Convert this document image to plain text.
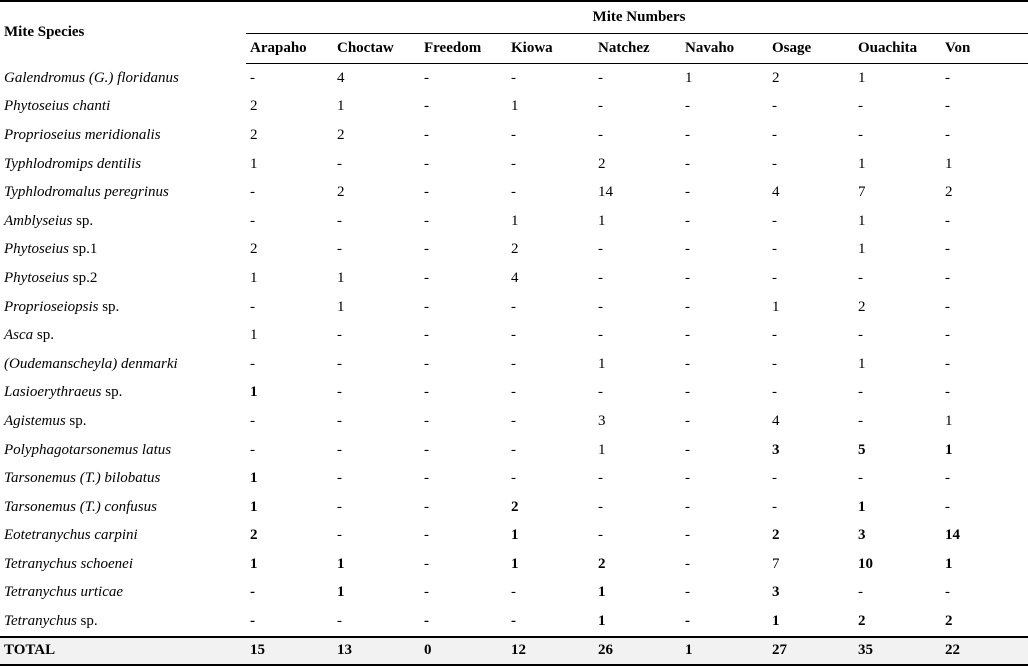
Mite Species	Mite Numbers								
	Arapaho	Choctaw	Freedom	Kiowa	Natchez	Navaho	Osage	Ouachita	Von
Galendromus (G.) floridanus	-	4	-	-	-	1	2	1	-
Phytoseius chanti	2	1	-	1	-	-	-	-	-
Proprioseius meridionalis	2	2	-	-	-	-	-	-	-
Typhlodromips dentilis	1	-	-	-	2	-	-	1	1
Typhlodromalus peregrinus	-	2	-	-	14	-	4	7	2
Amblyseius sp.	-	-	-	1	1	-	-	1	-
Phytoseius sp.1	2	-	-	2	-	-	-	1	-
Phytoseius sp.2	1	1	-	4	-	-	-	-	-
Proprioseiopsis sp.	-	1	-	-	-	-	1	2	-
Asca sp.	1	-	-	-	-	-	-	-	-
(Oudemanscheyla) denmarki	-	-	-	-	1	-	-	1	-
Lasioerythraeus sp.	1	-	-	-	-	-	-	-	-
Agistemus sp.	-	-	-	-	3	-	4	-	1
Polyphagotarsonemus latus	-	-	-	-	1	-	3	5	1
Tarsonemus (T.) bilobatus	1	-	-	-	-	-	-	-	-
Tarsonemus (T.) confusus	1	-	-	2	-	-	-	1	-
Eotetranychus carpini	2	-	-	1	-	-	2	3	14
Tetranychus schoenei	1	1	-	1	2	-	7	10	1
Tetranychus urticae	-	1	-	-	1	-	3	-	-
Tetranychus sp.	-	-	-	-	1	-	1	2	2
TOTAL	15	13	0	12	26	1	27	35	22
